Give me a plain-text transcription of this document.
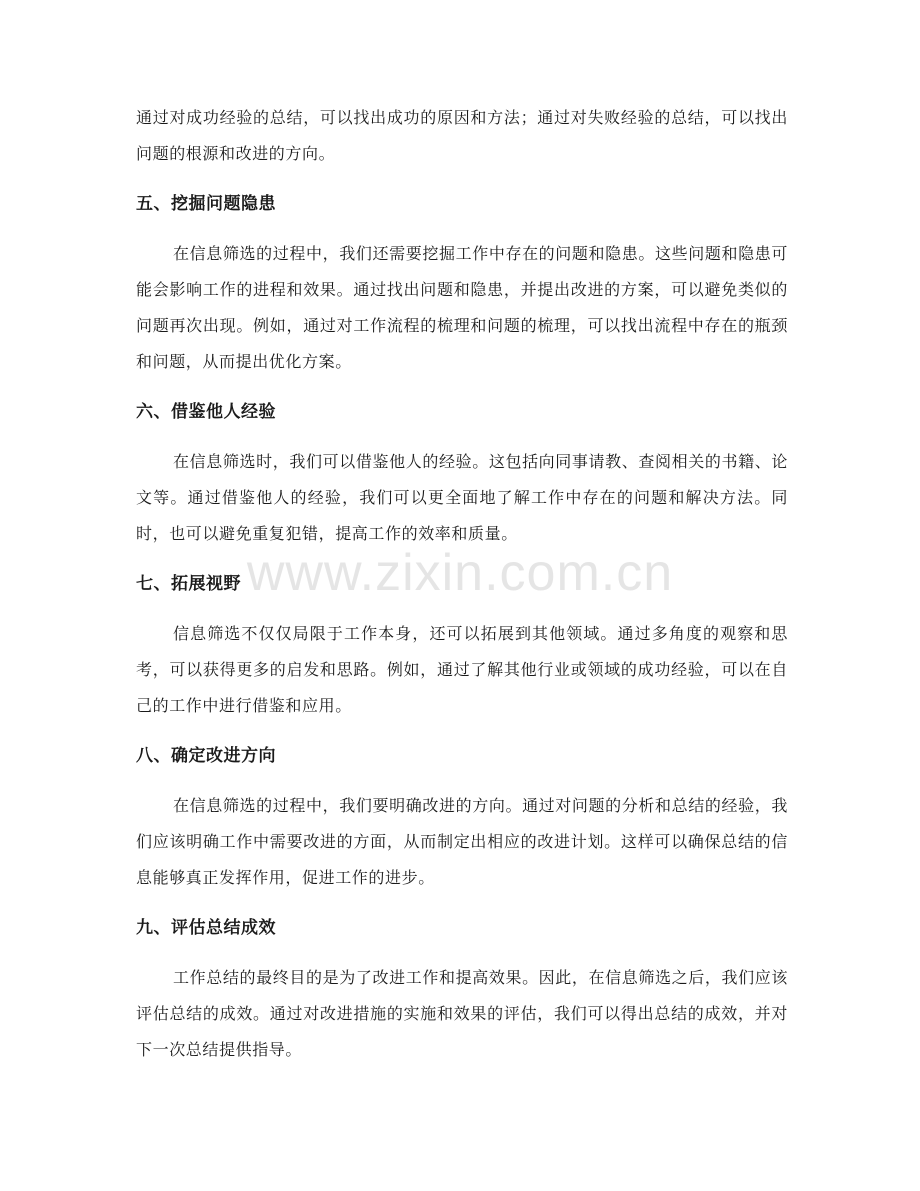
通过对成功经验的总结，可以找出成功的原因和方法；通过对失败经验的总结，可以找出问题的根源和改进的方向。

五、挖掘问题隐患

在信息筛选的过程中，我们还需要挖掘工作中存在的问题和隐患。这些问题和隐患可能会影响工作的进程和效果。通过找出问题和隐患，并提出改进的方案，可以避免类似的问题再次出现。例如，通过对工作流程的梳理和问题的梳理，可以找出流程中存在的瓶颈和问题，从而提出优化方案。

六、借鉴他人经验

在信息筛选时，我们可以借鉴他人的经验。这包括向同事请教、查阅相关的书籍、论文等。通过借鉴他人的经验，我们可以更全面地了解工作中存在的问题和解决方法。同时，也可以避免重复犯错，提高工作的效率和质量。

七、拓展视野

信息筛选不仅仅局限于工作本身，还可以拓展到其他领域。通过多角度的观察和思考，可以获得更多的启发和思路。例如，通过了解其他行业或领域的成功经验，可以在自己的工作中进行借鉴和应用。

八、确定改进方向

在信息筛选的过程中，我们要明确改进的方向。通过对问题的分析和总结的经验，我们应该明确工作中需要改进的方面，从而制定出相应的改进计划。这样可以确保总结的信息能够真正发挥作用，促进工作的进步。

九、评估总结成效

工作总结的最终目的是为了改进工作和提高效果。因此，在信息筛选之后，我们应该评估总结的成效。通过对改进措施的实施和效果的评估，我们可以得出总结的成效，并对下一次总结提供指导。

www.zixin.com.cn
